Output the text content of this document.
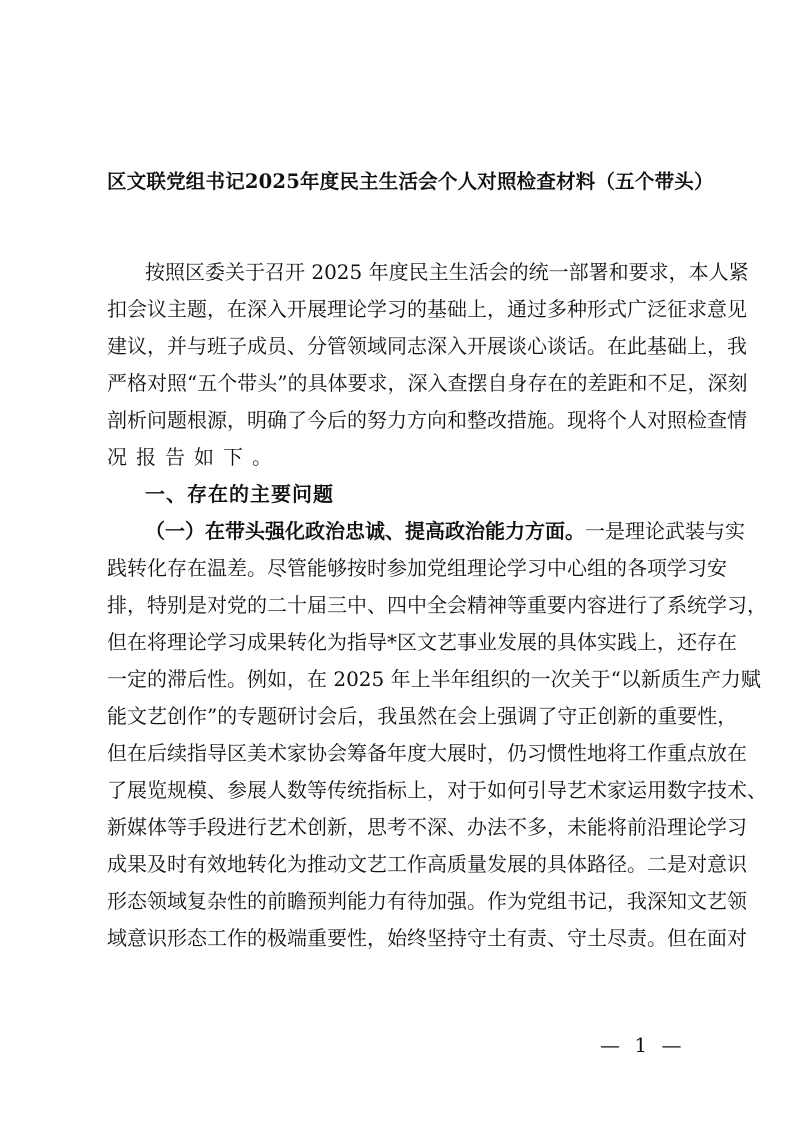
区文联党组书记2025年度民主生活会个人对照检查材料（五个带头）
按照区委关于召开 2025 年度民主生活会的统一部署和要求，本人紧
扣会议主题，在深入开展理论学习的基础上，通过多种形式广泛征求意见
建议，并与班子成员、分管领域同志深入开展谈心谈话。在此基础上，我
严格对照“五个带头”的具体要求，深入查摆自身存在的差距和不足，深刻
剖析问题根源，明确了今后的努力方向和整改措施。现将个人对照检查情
况报告如下。
一、存在的主要问题
（一）在带头强化政治忠诚、提高政治能力方面。一是理论武装与实
践转化存在温差。尽管能够按时参加党组理论学习中心组的各项学习安
排，特别是对党的二十届三中、四中全会精神等重要内容进行了系统学习，
但在将理论学习成果转化为指导*区文艺事业发展的具体实践上，还存在
一定的滞后性。例如，在 2025 年上半年组织的一次关于“以新质生产力赋
能文艺创作”的专题研讨会后，我虽然在会上强调了守正创新的重要性，
但在后续指导区美术家协会筹备年度大展时，仍习惯性地将工作重点放在
了展览规模、参展人数等传统指标上，对于如何引导艺术家运用数字技术、
新媒体等手段进行艺术创新，思考不深、办法不多，未能将前沿理论学习
成果及时有效地转化为推动文艺工作高质量发展的具体路径。二是对意识
形态领域复杂性的前瞻预判能力有待加强。作为党组书记，我深知文艺领
域意识形态工作的极端重要性，始终坚持守土有责、守土尽责。但在面对
— 1 —
